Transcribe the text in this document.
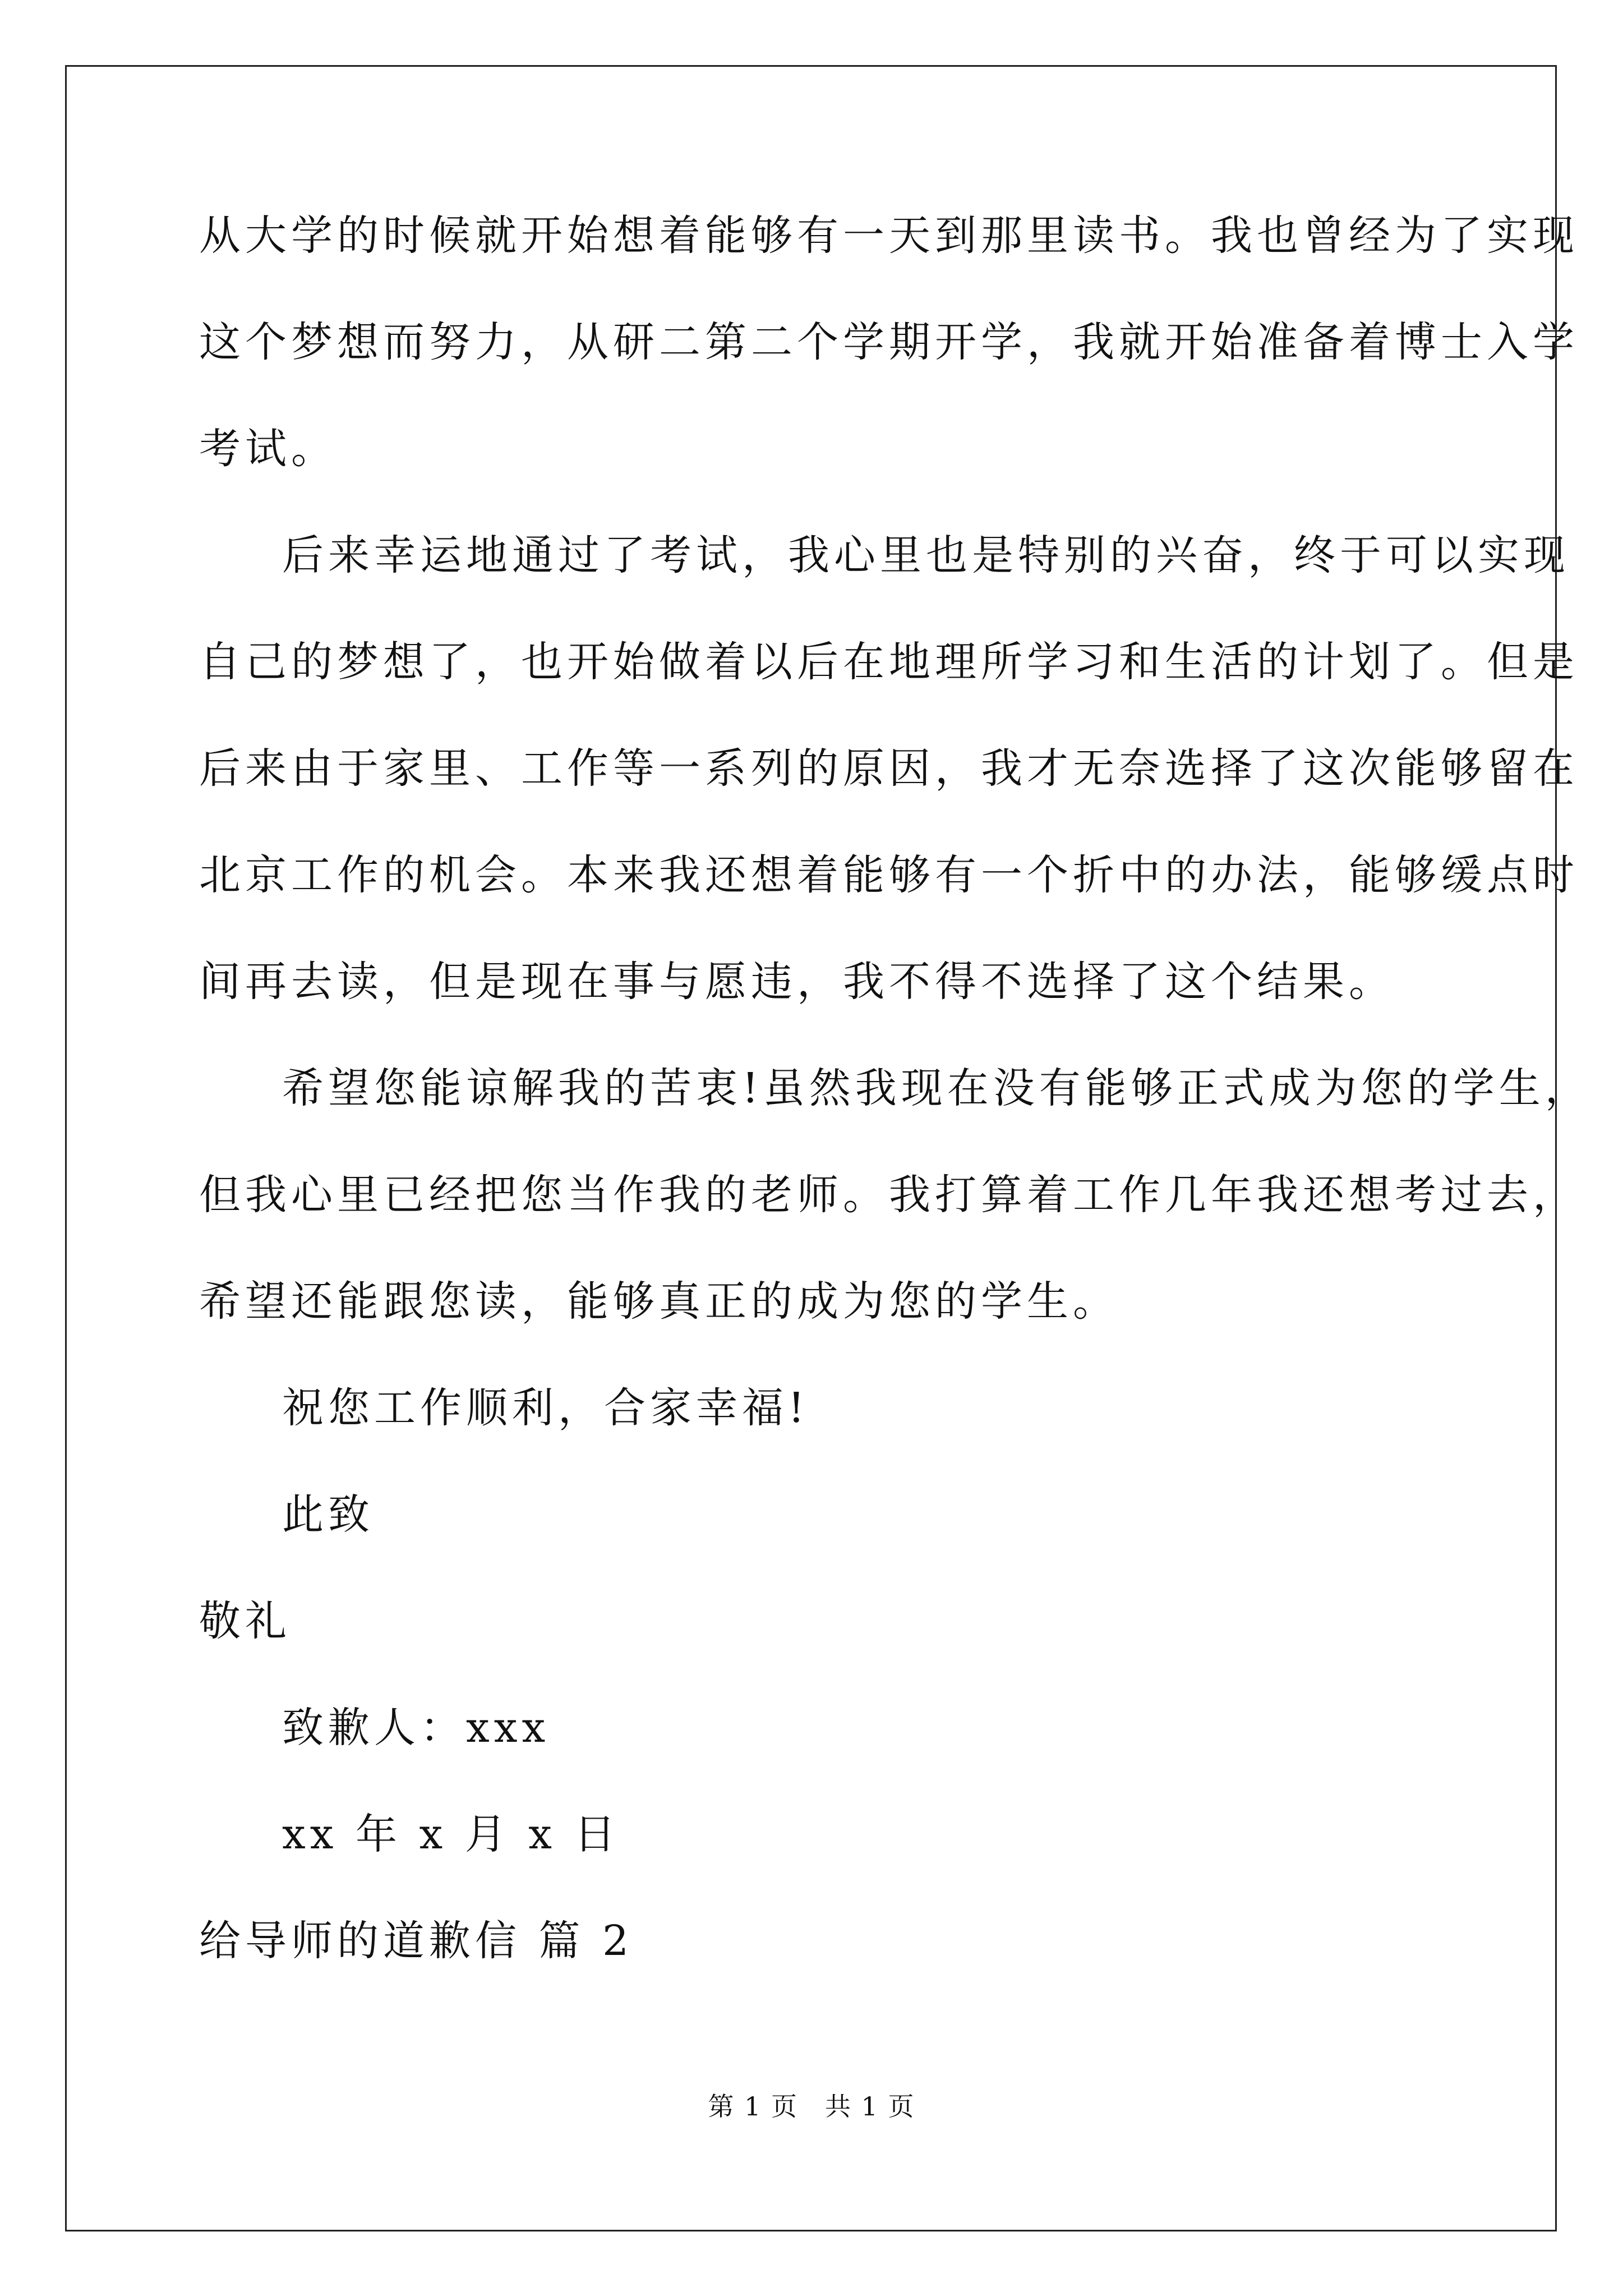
从大学的时候就开始想着能够有一天到那里读书。我也曾经为了实现
这个梦想而努力，从研二第二个学期开学，我就开始准备着博士入学
考试。
后来幸运地通过了考试，我心里也是特别的兴奋，终于可以实现
自己的梦想了，也开始做着以后在地理所学习和生活的计划了。但是
后来由于家里、工作等一系列的原因，我才无奈选择了这次能够留在
北京工作的机会。本来我还想着能够有一个折中的办法，能够缓点时
间再去读，但是现在事与愿违，我不得不选择了这个结果。
希望您能谅解我的苦衷!虽然我现在没有能够正式成为您的学生，
但我心里已经把您当作我的老师。我打算着工作几年我还想考过去，
希望还能跟您读，能够真正的成为您的学生。
祝您工作顺利，合家幸福!
此致
敬礼
致歉人：xxx
xx 年 x 月 x 日
给导师的道歉信 篇 2
第 1 页　共 1 页
